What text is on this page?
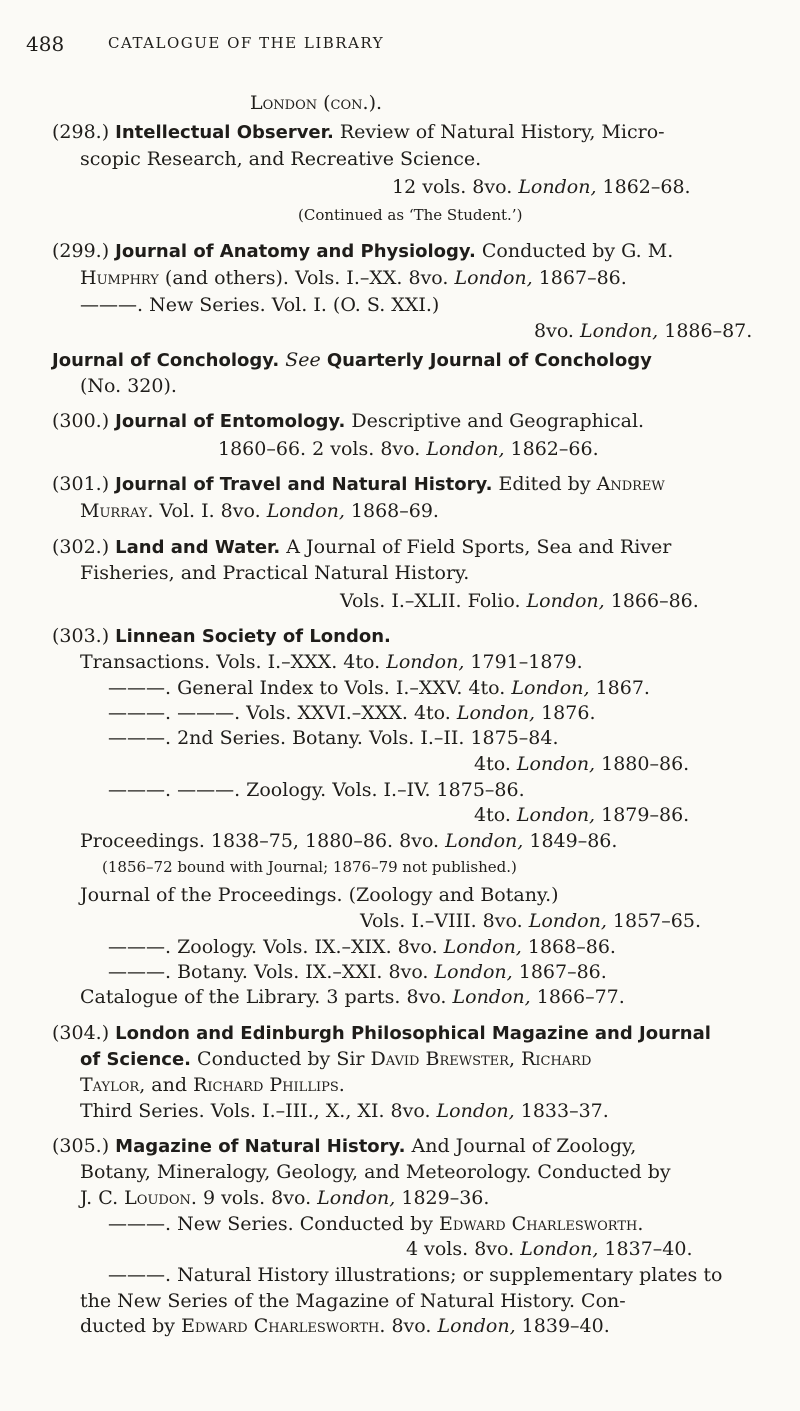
488	CATALOGUE OF THE LIBRARY
London (con.).
(298.) Intellectual Observer. Review of Natural History, Micro-
scopic Research, and Recreative Science.
12 vols. 8vo. London, 1862–68.
(Continued as ‘The Student.’)
(299.) Journal of Anatomy and Physiology. Conducted by G. M.
Humphry (and others). Vols. I.–XX. 8vo. London, 1867–86.
———. New Series. Vol. I. (O. S. XXI.)
8vo. London, 1886–87.
Journal of Conchology. See Quarterly Journal of Conchology
(No. 320).
(300.) Journal of Entomology. Descriptive and Geographical.
1860–66. 2 vols. 8vo. London, 1862–66.
(301.) Journal of Travel and Natural History. Edited by Andrew
Murray. Vol. I. 8vo. London, 1868–69.
(302.) Land and Water. A Journal of Field Sports, Sea and River
Fisheries, and Practical Natural History.
Vols. I.–XLII. Folio. London, 1866–86.
(303.) Linnean Society of London.
Transactions. Vols. I.–XXX. 4to. London, 1791–1879.
———. General Index to Vols. I.–XXV. 4to. London, 1867.
———. ———. Vols. XXVI.–XXX. 4to. London, 1876.
———. 2nd Series. Botany. Vols. I.–II. 1875–84.
4to. London, 1880–86.
———. ———. Zoology. Vols. I.–IV. 1875–86.
4to. London, 1879–86.
Proceedings. 1838–75, 1880–86. 8vo. London, 1849–86.
(1856–72 bound with Journal; 1876–79 not published.)
Journal of the Proceedings. (Zoology and Botany.)
Vols. I.–VIII. 8vo. London, 1857–65.
———. Zoology. Vols. IX.–XIX. 8vo. London, 1868–86.
———. Botany. Vols. IX.–XXI. 8vo. London, 1867–86.
Catalogue of the Library. 3 parts. 8vo. London, 1866–77.
(304.) London and Edinburgh Philosophical Magazine and Journal
of Science. Conducted by Sir David Brewster, Richard
Taylor, and Richard Phillips.
Third Series. Vols. I.–III., X., XI. 8vo. London, 1833–37.
(305.) Magazine of Natural History. And Journal of Zoology,
Botany, Mineralogy, Geology, and Meteorology. Conducted by
J. C. Loudon. 9 vols. 8vo. London, 1829–36.
———. New Series. Conducted by Edward Charlesworth.
4 vols. 8vo. London, 1837–40.
———. Natural History illustrations; or supplementary plates to
the New Series of the Magazine of Natural History. Con-
ducted by Edward Charlesworth. 8vo. London, 1839–40.
